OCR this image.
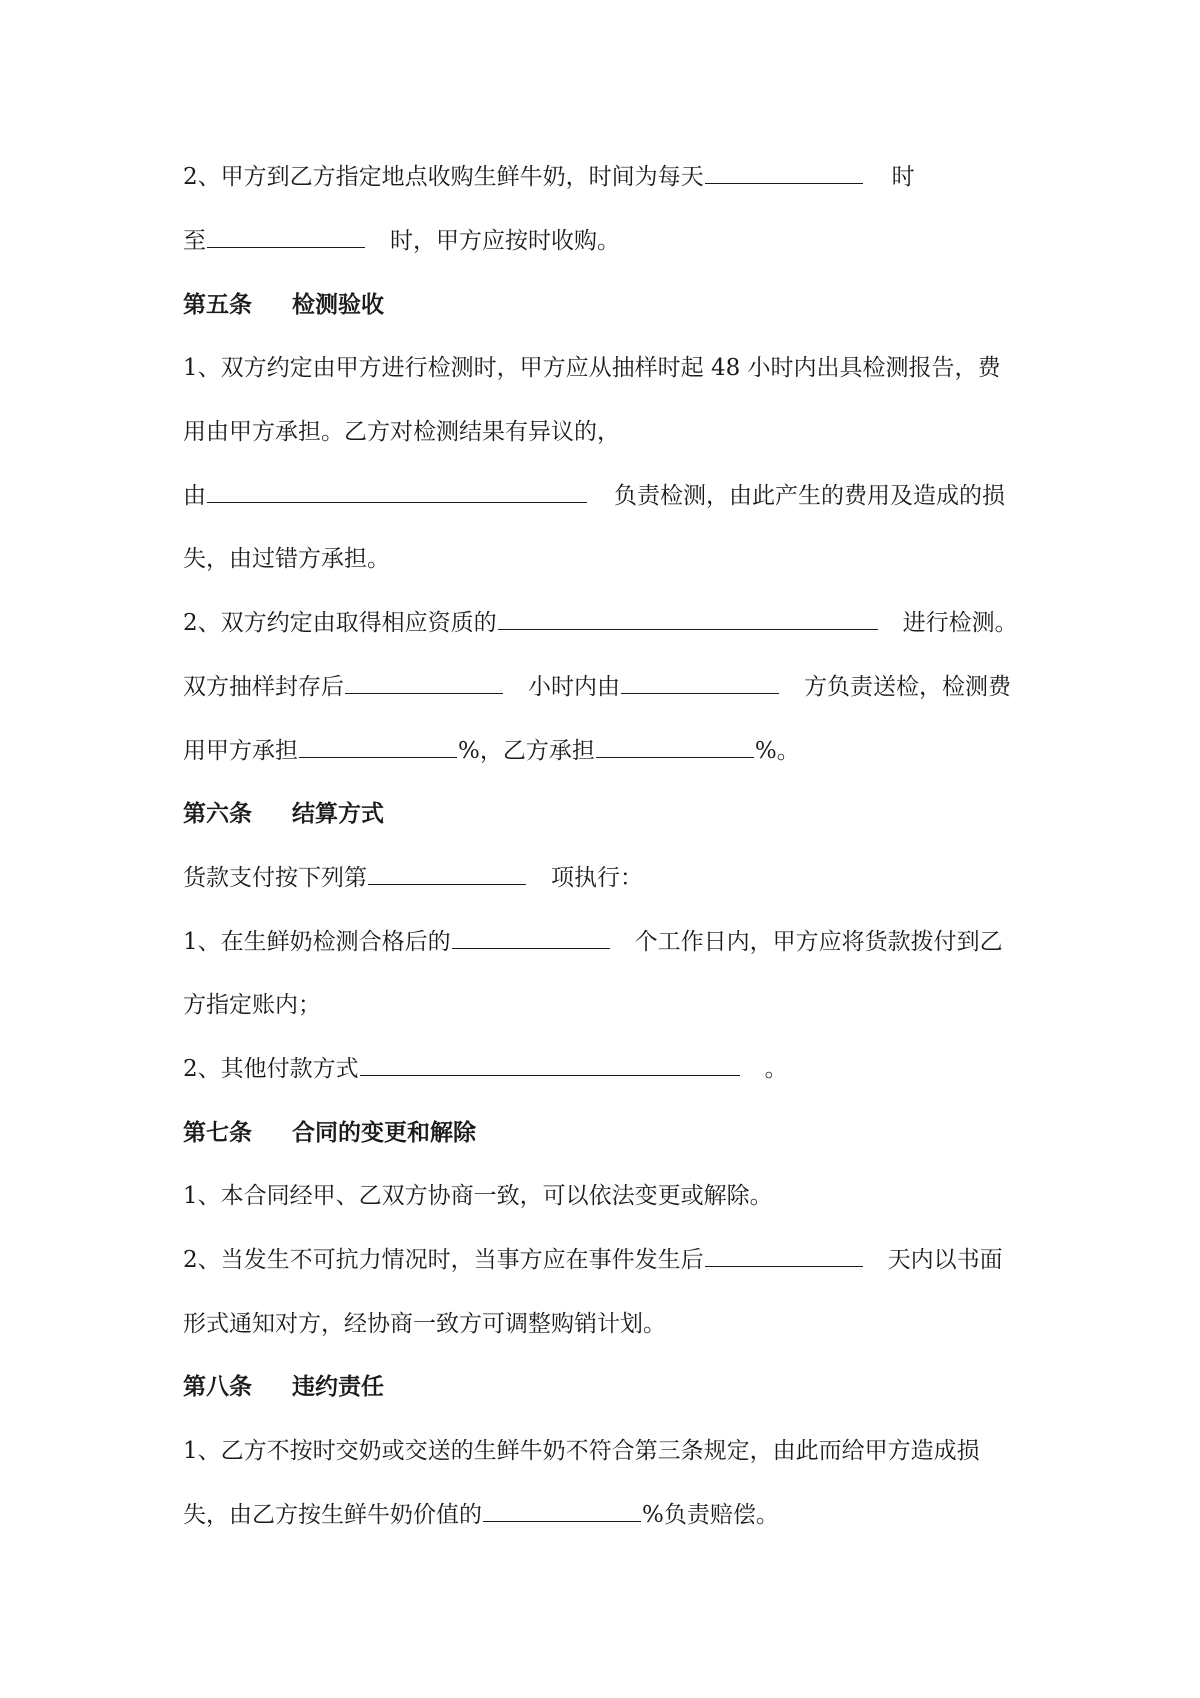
2、甲方到乙方指定地点收购生鲜牛奶，时间为每天	时
至	时，甲方应按时收购。
第五条 检测验收
1、双方约定由甲方进行检测时，甲方应从抽样时起 48 小时内出具检测报告，费
用由甲方承担。乙方对检测结果有异议的，
由	负责检测，由此产生的费用及造成的损
失，由过错方承担。
2、双方约定由取得相应资质的	进行检测。
双方抽样封存后	小时内由	方负责送检，检测费
用甲方承担	%，乙方承担	%。
第六条 结算方式
货款支付按下列第	项执行：
1、在生鲜奶检测合格后的	个工作日内，甲方应将货款拨付到乙
方指定账内；
2、其他付款方式	。
第七条 合同的变更和解除
1、本合同经甲、乙双方协商一致，可以依法变更或解除。
2、当发生不可抗力情况时，当事方应在事件发生后	天内以书面
形式通知对方，经协商一致方可调整购销计划。
第八条 违约责任
1、乙方不按时交奶或交送的生鲜牛奶不符合第三条规定，由此而给甲方造成损
失，由乙方按生鲜牛奶价值的	%负责赔偿。
